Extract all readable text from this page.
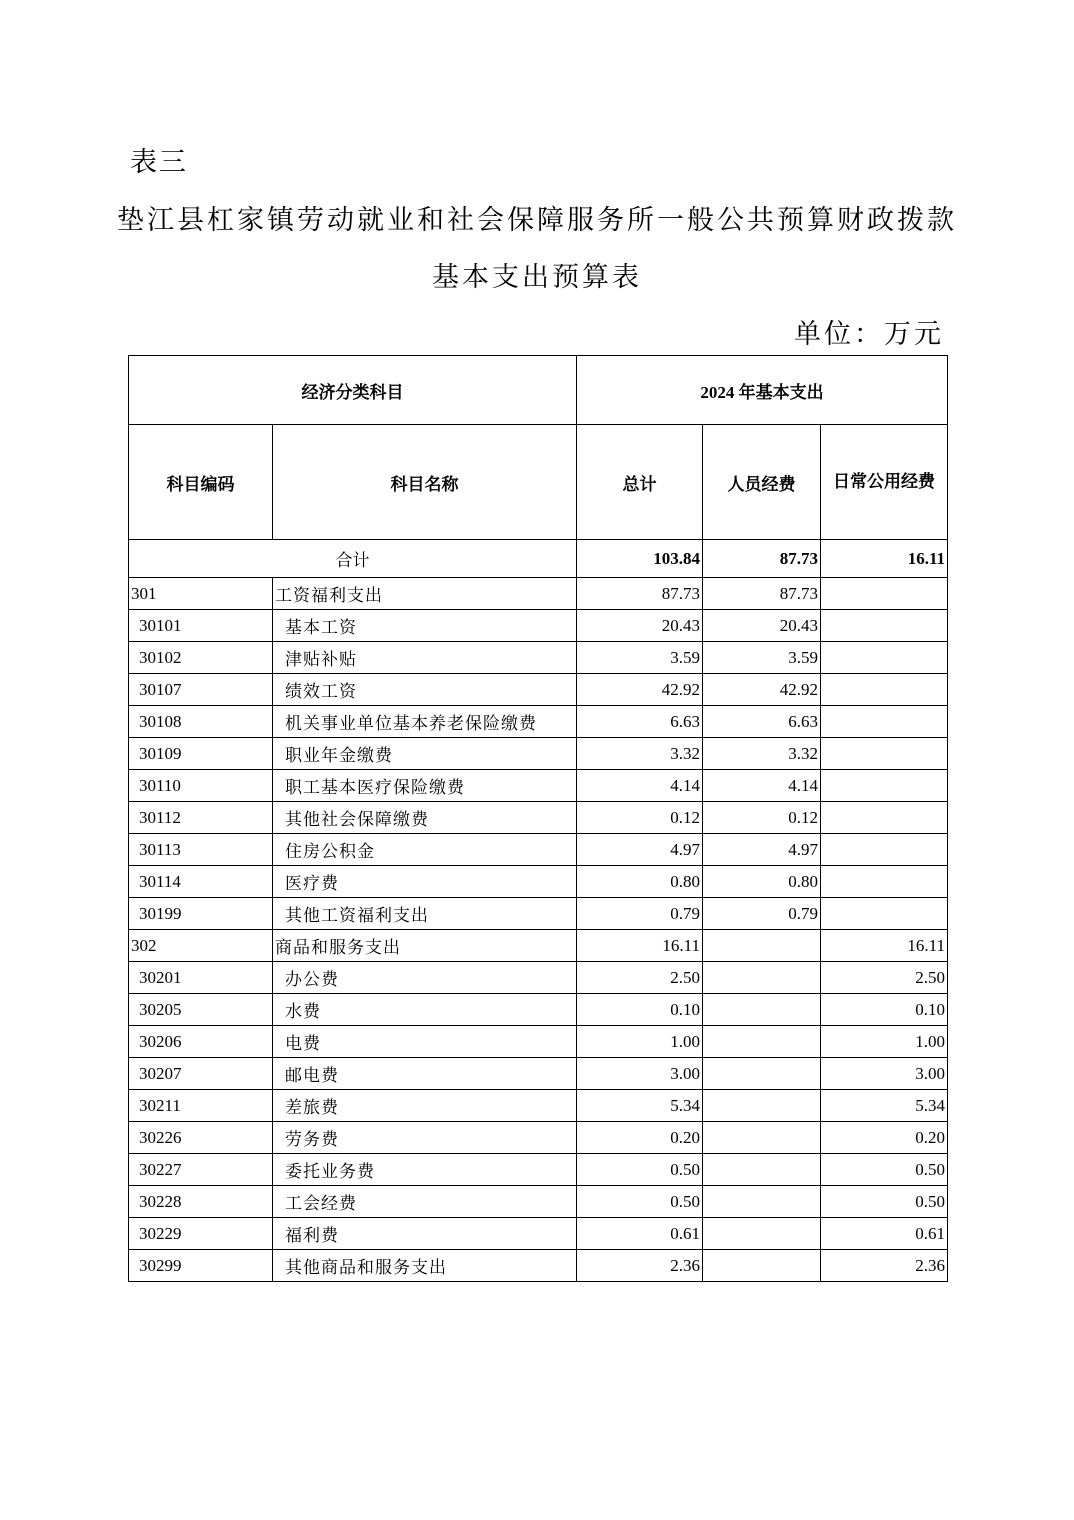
表三
垫江县杠家镇劳动就业和社会保障服务所一般公共预算财政拨款
基本支出预算表
单位：万元
经济分类科目		2024 年基本支出		
科目编码	科目名称	总计	人员经费	日常公用经费
合计		103.84	87.73	16.11
301	工资福利支出	87.73	87.73	
30101	基本工资	20.43	20.43	
30102	津贴补贴	3.59	3.59	
30107	绩效工资	42.92	42.92	
30108	机关事业单位基本养老保险缴费	6.63	6.63	
30109	职业年金缴费	3.32	3.32	
30110	职工基本医疗保险缴费	4.14	4.14	
30112	其他社会保障缴费	0.12	0.12	
30113	住房公积金	4.97	4.97	
30114	医疗费	0.80	0.80	
30199	其他工资福利支出	0.79	0.79	
302	商品和服务支出	16.11		16.11
30201	办公费	2.50		2.50
30205	水费	0.10		0.10
30206	电费	1.00		1.00
30207	邮电费	3.00		3.00
30211	差旅费	5.34		5.34
30226	劳务费	0.20		0.20
30227	委托业务费	0.50		0.50
30228	工会经费	0.50		0.50
30229	福利费	0.61		0.61
30299	其他商品和服务支出	2.36		2.36
